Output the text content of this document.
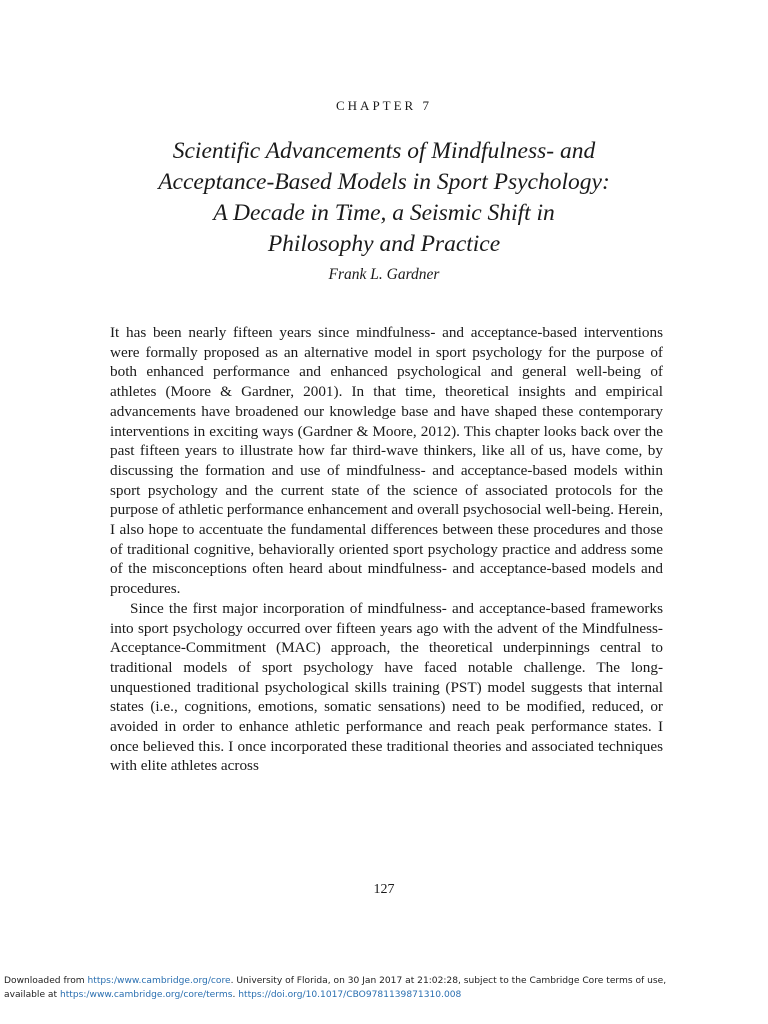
CHAPTER 7
Scientific Advancements of Mindfulness- and
Acceptance-Based Models in Sport Psychology:
A Decade in Time, a Seismic Shift in
Philosophy and Practice
Frank L. Gardner

It has been nearly fifteen years since mindfulness- and acceptance-based interventions were formally proposed as an alternative model in sport psychology for the purpose of both enhanced performance and enhanced psychological and general well-being of athletes (Moore & Gardner, 2001). In that time, theoretical insights and empirical advancements have broadened our knowledge base and have shaped these contemporary interventions in exciting ways (Gardner & Moore, 2012). This chapter looks back over the past fifteen years to illustrate how far third-wave thinkers, like all of us, have come, by discussing the formation and use of mindfulness- and acceptance-based models within sport psychology and the current state of the science of associated protocols for the purpose of athletic performance enhancement and overall psychosocial well-being. Herein, I also hope to accentuate the fundamental differences between these procedures and those of traditional cognitive, behaviorally oriented sport psychology practice and address some of the misconceptions often heard about mindfulness- and acceptance-based models and procedures.

Since the first major incorporation of mindfulness- and acceptance-based frameworks into sport psychology occurred over fifteen years ago with the advent of the Mindfulness-Acceptance-Commitment (MAC) approach, the theoretical underpinnings central to traditional models of sport psychology have faced notable challenge. The long-unquestioned traditional psychological skills training (PST) model suggests that internal states (i.e., cognitions, emotions, somatic sensations) need to be modified, reduced, or avoided in order to enhance athletic performance and reach peak performance states. I once believed this. I once incorporated these traditional theories and associated techniques with elite athletes across

127
Downloaded from https:/www.cambridge.org/core. University of Florida, on 30 Jan 2017 at 21:02:28, subject to the Cambridge Core terms of use,
available at https:/www.cambridge.org/core/terms. https://doi.org/10.1017/CBO9781139871310.008
